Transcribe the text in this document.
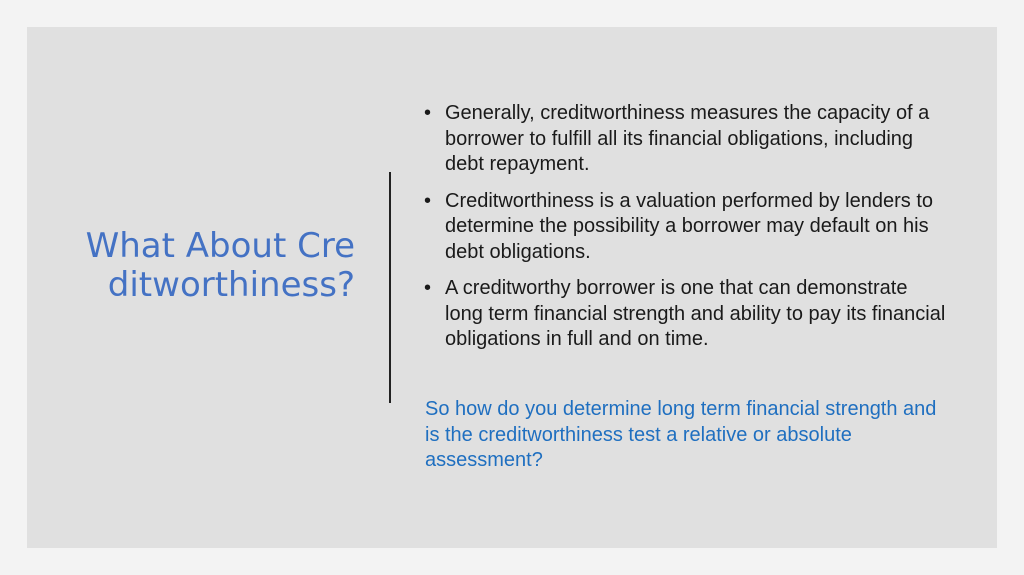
What About Creditworthiness?
• Generally, creditworthiness measures the capacity of a borrower to fulfill all its financial obligations, including debt repayment.
• Creditworthiness is a valuation performed by lenders to determine the possibility a borrower may default on his debt obligations.
• A creditworthy borrower is one that can demonstrate long term financial strength and ability to pay its financial obligations in full and on time.
So how do you determine long term financial strength and is the creditworthiness test a relative or absolute assessment?
